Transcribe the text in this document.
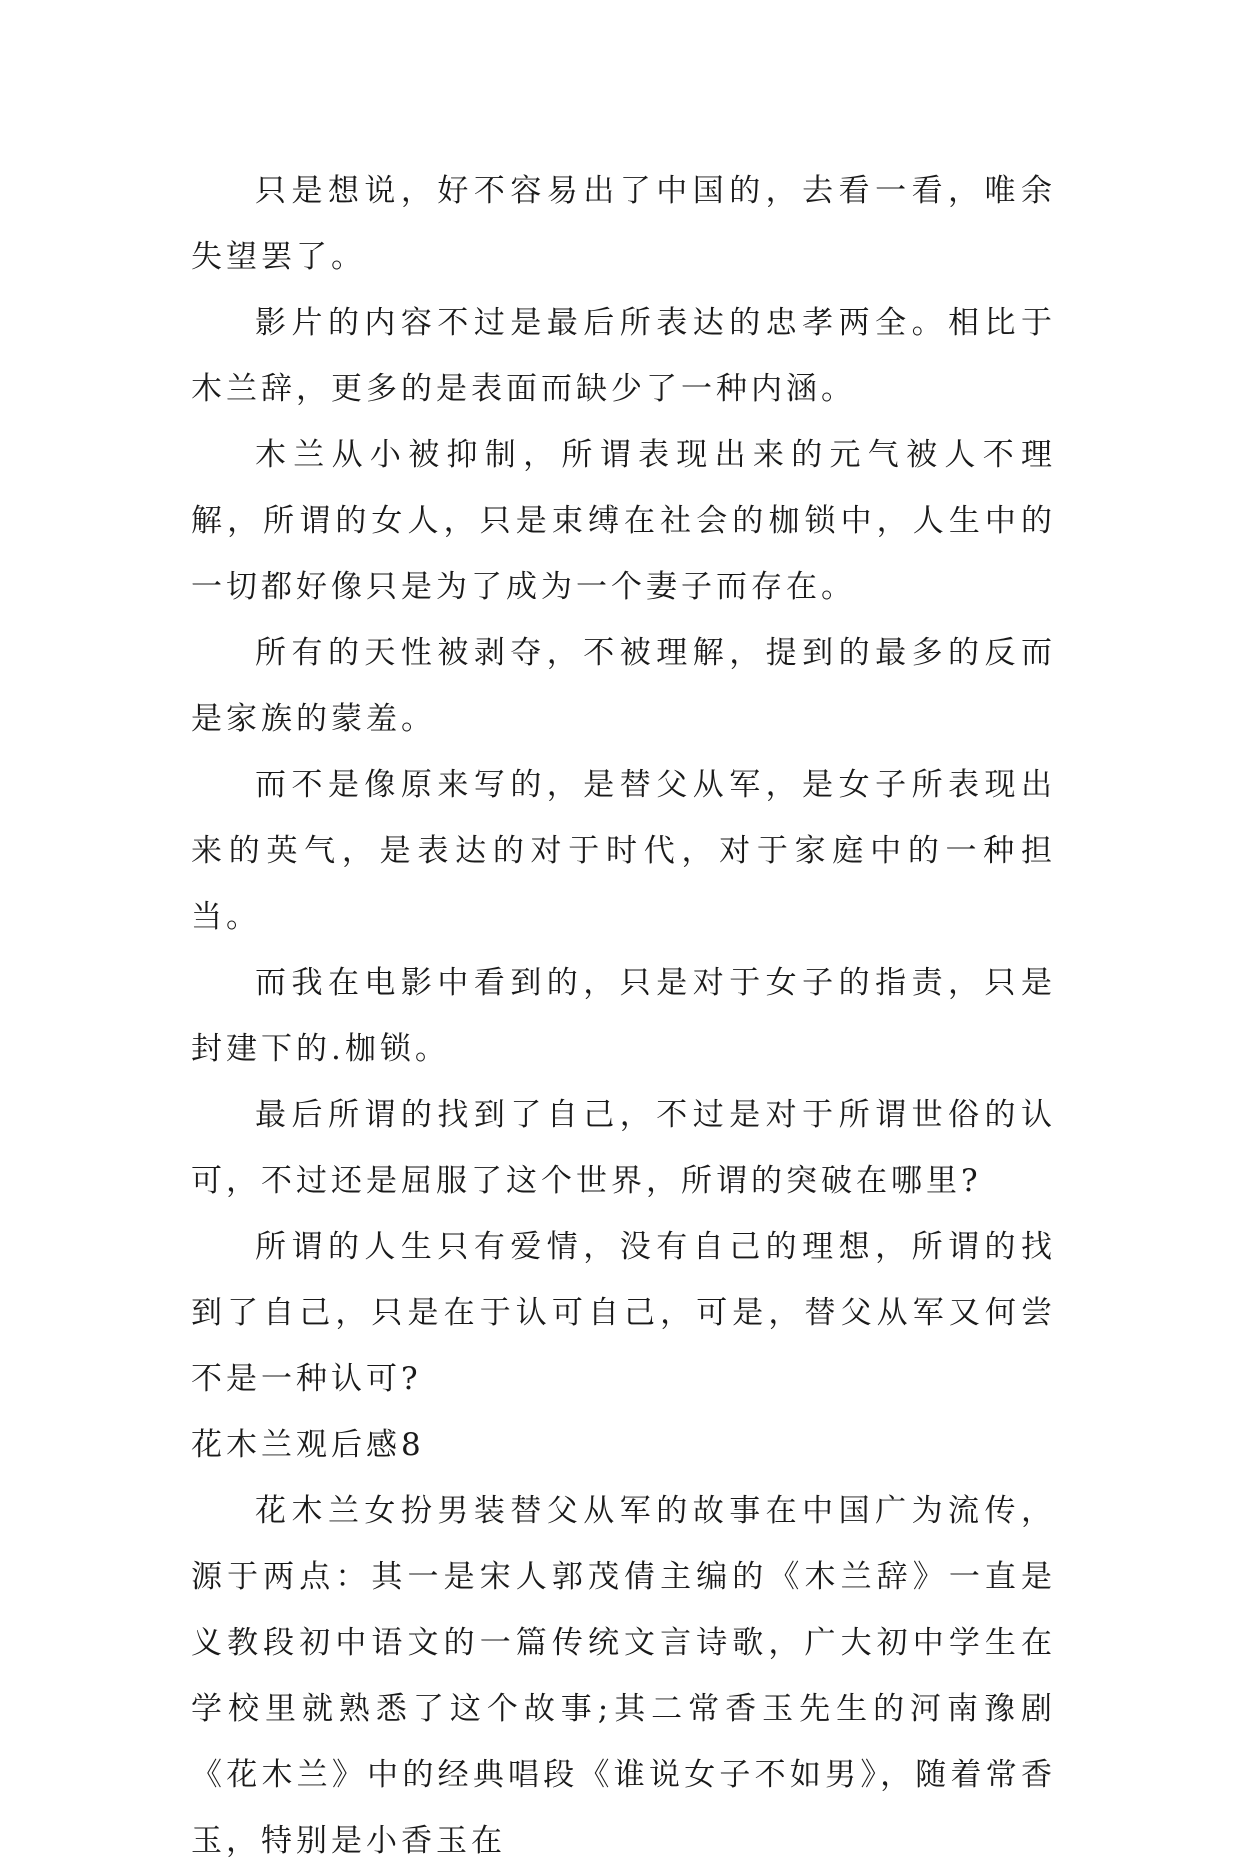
只是想说，好不容易出了中国的，去看一看，唯余失望罢了。

影片的内容不过是最后所表达的忠孝两全。相比于木兰辞，更多的是表面而缺少了一种内涵。

木兰从小被抑制，所谓表现出来的元气被人不理解，所谓的女人，只是束缚在社会的枷锁中，人生中的一切都好像只是为了成为一个妻子而存在。

所有的天性被剥夺，不被理解，提到的最多的反而是家族的蒙羞。

而不是像原来写的，是替父从军，是女子所表现出来的英气，是表达的对于时代，对于家庭中的一种担当。

而我在电影中看到的，只是对于女子的指责，只是封建下的.枷锁。

最后所谓的找到了自己，不过是对于所谓世俗的认可，不过还是屈服了这个世界，所谓的突破在哪里?

所谓的人生只有爱情，没有自己的理想，所谓的找到了自己，只是在于认可自己，可是，替父从军又何尝不是一种认可?

花木兰观后感8

花木兰女扮男装替父从军的故事在中国广为流传，源于两点：其一是宋人郭茂倩主编的《木兰辞》一直是义教段初中语文的一篇传统文言诗歌，广大初中学生在学校里就熟悉了这个故事;其二常香玉先生的河南豫剧《花木兰》中的经典唱段《谁说女子不如男》，随着常香玉，特别是小香玉在
